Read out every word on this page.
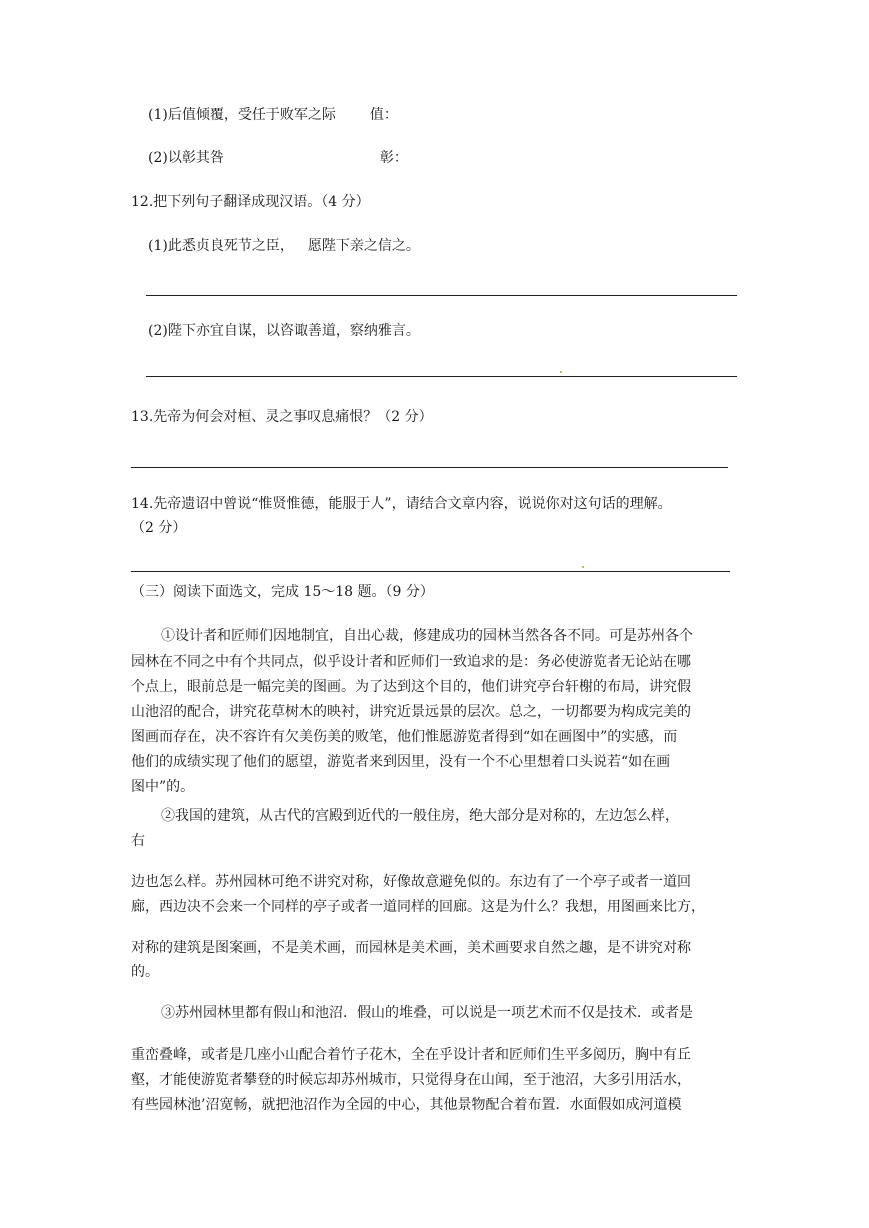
(1)后值倾覆，受任于败军之际 值：
(2)以彰其咎	彰：
12.把下列句子翻译成现汉语。（4 分）
(1)此悉贞良死节之臣， 愿陛下亲之信之。
(2)陛下亦宜自谋，以咨诹善道，察纳雅言。
13.先帝为何会对桓、灵之事叹息痛恨？（2 分）
14.先帝遗诏中曾说“惟贤惟德，能服于人”，请结合文章内容，说说你对这句话的理解。
（2 分）
（三）阅读下面选文，完成 15～18 题。（9 分）
①设计者和匠师们因地制宜，自出心裁，修建成功的园林当然各各不同。可是苏州各个
园林在不同之中有个共同点，似乎设计者和匠师们一致追求的是：务必使游览者无论站在哪
个点上，眼前总是一幅完美的图画。为了达到这个目的，他们讲究亭台轩榭的布局，讲究假
山池沼的配合，讲究花草树木的映衬，讲究近景远景的层次。总之，一切都要为构成完美的
图画而存在，决不容许有欠美伤美的败笔，他们惟愿游览者得到“如在画图中”的实感，而
他们的成绩实现了他们的愿望，游览者来到因里，没有一个不心里想着口头说若“如在画
图中”的。
②我国的建筑，从古代的宫殿到近代的一般住房，绝大部分是对称的，左边怎么样，
右
边也怎么样。苏州园林可绝不讲究对称，好像故意避免似的。东边有了一个亭子或者一道回
廊，西边决不会来一个同样的亭子或者一道同样的回廊。这是为什么？我想，用图画来比方，
对称的建筑是图案画，不是美术画，而园林是美术画，美术画要求自然之趣，是不讲究对称
的。
③苏州园林里都有假山和池沼．假山的堆叠，可以说是一项艺术而不仅是技术．或者是
重峦叠峰，或者是几座小山配合着竹子花木，全在乎设计者和匠师们生平多阅历，胸中有丘
壑，才能使游览者攀登的时候忘却苏州城市，只觉得身在山闻，至于池沼，大多引用活水，
有些园林池’沼宽畅，就把池沼作为全园的中心，其他景物配合着布置．水面假如成河道模
